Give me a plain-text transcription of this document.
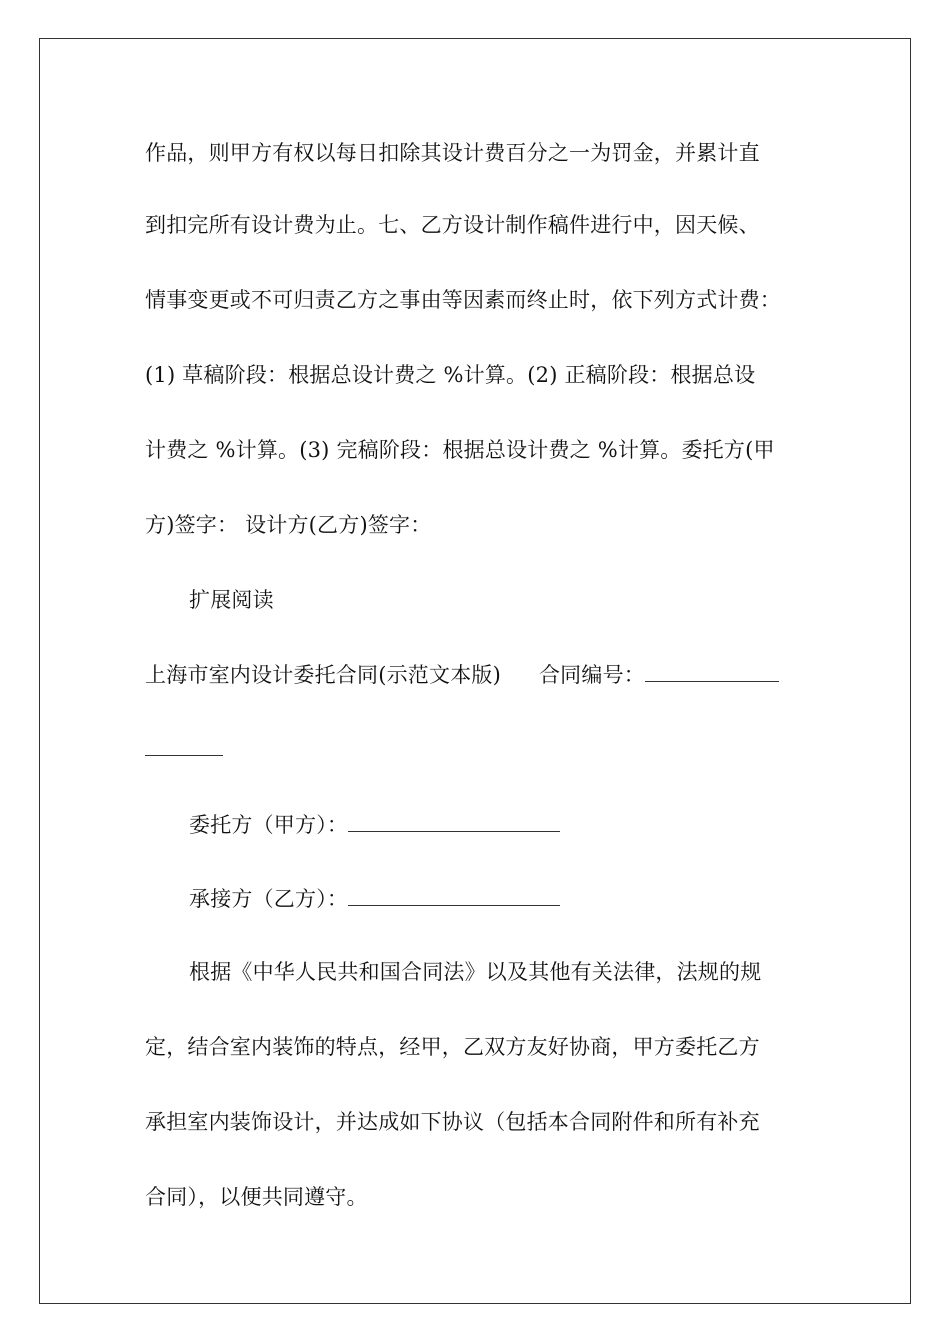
作品，则甲方有权以每日扣除其设计费百分之一为罚金，并累计直
到扣完所有设计费为止。七、乙方设计制作稿件进行中，因天候、
情事变更或不可归责乙方之事由等因素而终止时，依下列方式计费：
(1) 草稿阶段：根据总设计费之 %计算。(2) 正稿阶段：根据总设
计费之 %计算。(3) 完稿阶段：根据总设计费之 %计算。委托方(甲
方)签字： 设计方(乙方)签字：
扩展阅读
上海市室内设计委托合同(示范文本版) 合同编号：
委托方（甲方）：
承接方（乙方）：
根据《中华人民共和国合同法》以及其他有关法律，法规的规
定，结合室内装饰的特点，经甲，乙双方友好协商，甲方委托乙方
承担室内装饰设计，并达成如下协议（包括本合同附件和所有补充
合同），以便共同遵守。
